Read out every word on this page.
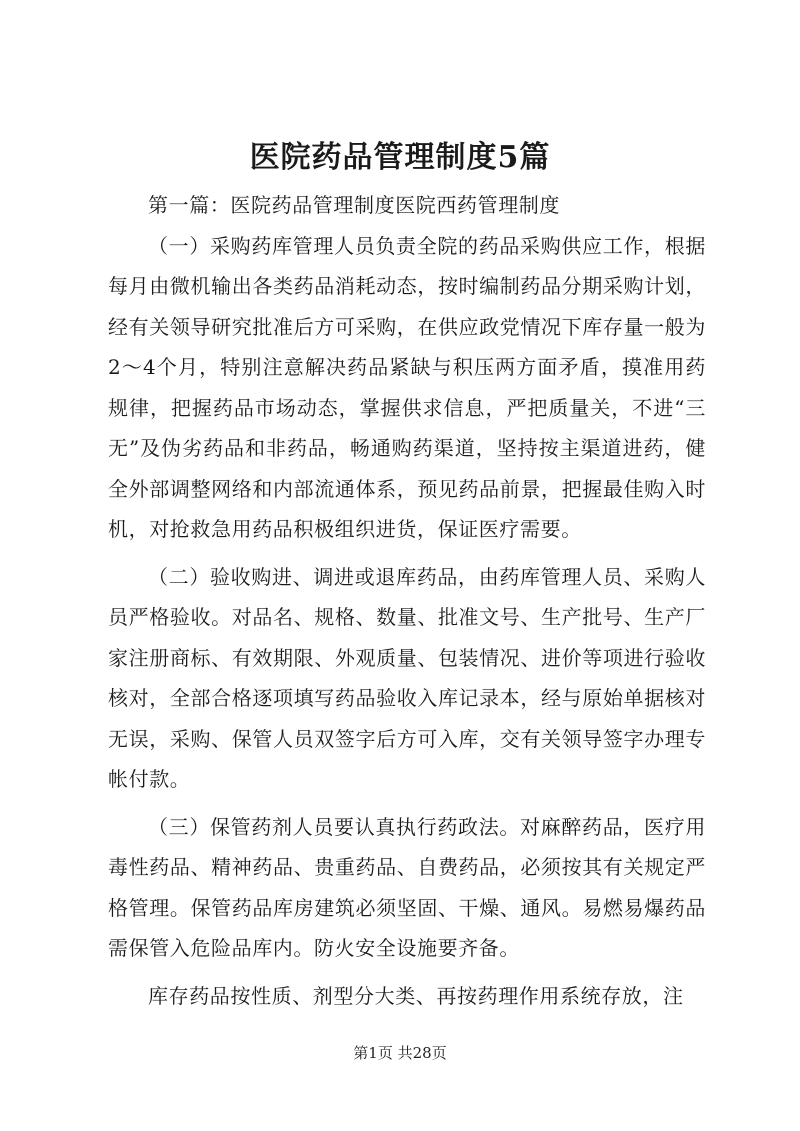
医院药品管理制度5篇

第一篇：医院药品管理制度医院西药管理制度

（一）采购药库管理人员负责全院的药品采购供应工作，根据每月由微机输出各类药品消耗动态，按时编制药品分期采购计划，经有关领导研究批准后方可采购，在供应政党情况下库存量一般为2～4个月，特别注意解决药品紧缺与积压两方面矛盾，摸准用药规律，把握药品市场动态，掌握供求信息，严把质量关，不进“三无”及伪劣药品和非药品，畅通购药渠道，坚持按主渠道进药，健全外部调整网络和内部流通体系，预见药品前景，把握最佳购入时机，对抢救急用药品积极组织进货，保证医疗需要。

（二）验收购进、调进或退库药品，由药库管理人员、采购人员严格验收。对品名、规格、数量、批准文号、生产批号、生产厂家注册商标、有效期限、外观质量、包装情况、进价等项进行验收核对，全部合格逐项填写药品验收入库记录本，经与原始单据核对无误，采购、保管人员双签字后方可入库，交有关领导签字办理专帐付款。

（三）保管药剂人员要认真执行药政法。对麻醉药品，医疗用毒性药品、精神药品、贵重药品、自费药品，必须按其有关规定严格管理。保管药品库房建筑必须坚固、干燥、通风。易燃易爆药品需保管入危险品库内。防火安全设施要齐备。

库存药品按性质、剂型分大类、再按药理作用系统存放，注

第1页 共28页
